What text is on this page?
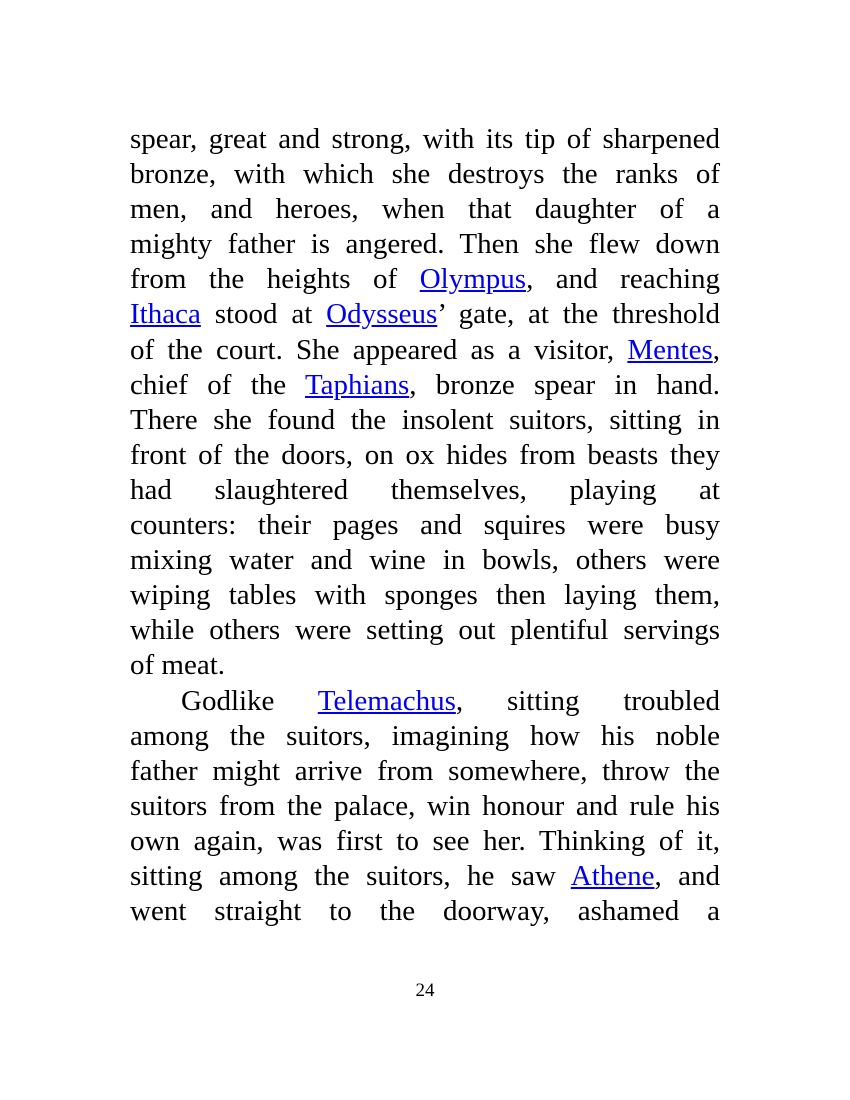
spear, great and strong, with its tip of sharpened
bronze, with which she destroys the ranks of
men, and heroes, when that daughter of a
mighty father is angered. Then she flew down
from the heights of Olympus, and reaching
Ithaca stood at Odysseus’ gate, at the threshold
of the court. She appeared as a visitor, Mentes,
chief of the Taphians, bronze spear in hand.
There she found the insolent suitors, sitting in
front of the doors, on ox hides from beasts they
had slaughtered themselves, playing at
counters: their pages and squires were busy
mixing water and wine in bowls, others were
wiping tables with sponges then laying them,
while others were setting out plentiful servings
of meat.
Godlike Telemachus, sitting troubled
among the suitors, imagining how his noble
father might arrive from somewhere, throw the
suitors from the palace, win honour and rule his
own again, was first to see her. Thinking of it,
sitting among the suitors, he saw Athene, and
went straight to the doorway, ashamed a
24
